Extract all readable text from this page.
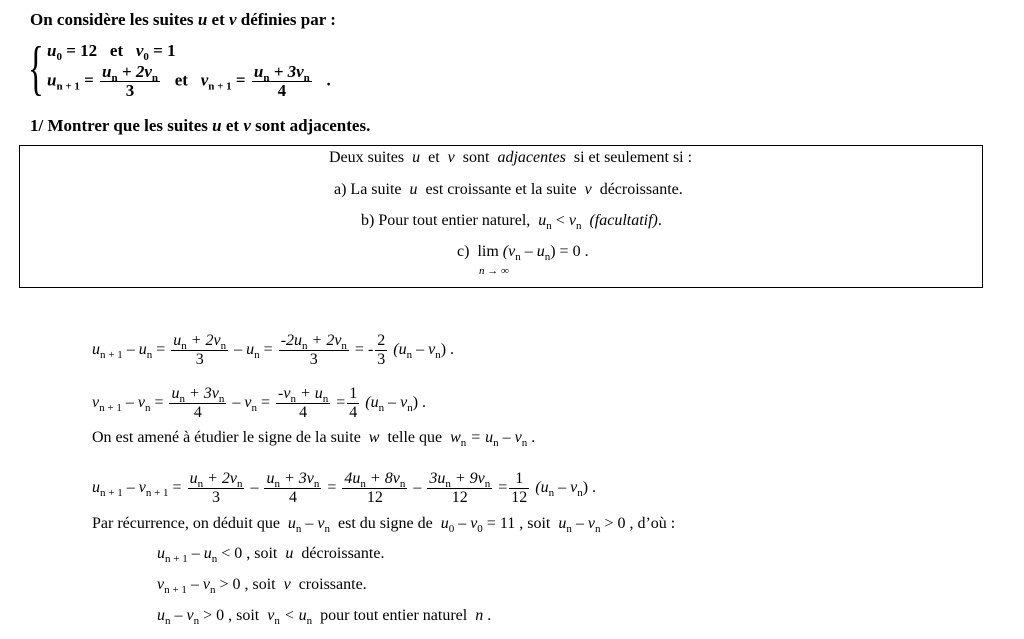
On considère les suites u et v définies par :
{ $u_0 = 12$ et $v_0 = 1$
$u_{n + 1} = \frac{u_n + 2v_n}{3}$ et $v_{n + 1} = \frac{u_n + 3v_n}{4}$ .
1/ Montrer que les suites u et v sont adjacentes.
Deux suites u et v sont adjacentes si et seulement si :
a) La suite u est croissante et la suite v décroissante.
b) Pour tout entier naturel, $u_n < v_n$ (facultatif).
c) $\lim (v_n - u_n) = 0$ .
n → ∞
$u_{n + 1} - u_n = \frac{u_n + 2v_n}{3} - u_n = \frac{-2u_n + 2v_n}{3}$ = - $\frac{2}{3} (u_n - v_n)$ .
$v_{n + 1} - v_n = \frac{u_n + 3v_n}{4} - v_n = \frac{-v_n + u_n}{4} = \frac{1}{4} (u_n - v_n)$ .
On est amené à étudier le signe de la suite w telle que $w_n = u_n - v_n$ .
$u_{n + 1} - v_{n + 1} = \frac{u_n + 2v_n}{3} - \frac{u_n + 3v_n}{4} = \frac{4u_n + 8v_n}{12} - \frac{3u_n + 9v_n}{12} = \frac{1}{12} (u_n - v_n)$ .
Par récurrence, on déduit que $u_n - v_n$ est du signe de $u_0 - v_0 = 11$ , soit $u_n - v_n > 0$ , d’où :
$u_{n + 1} - u_n < 0$ , soit u décroissante.
$v_{n + 1} - v_n > 0$ , soit v croissante.
$u_n - v_n > 0$ , soit $v_n < u_n$ pour tout entier naturel n .
